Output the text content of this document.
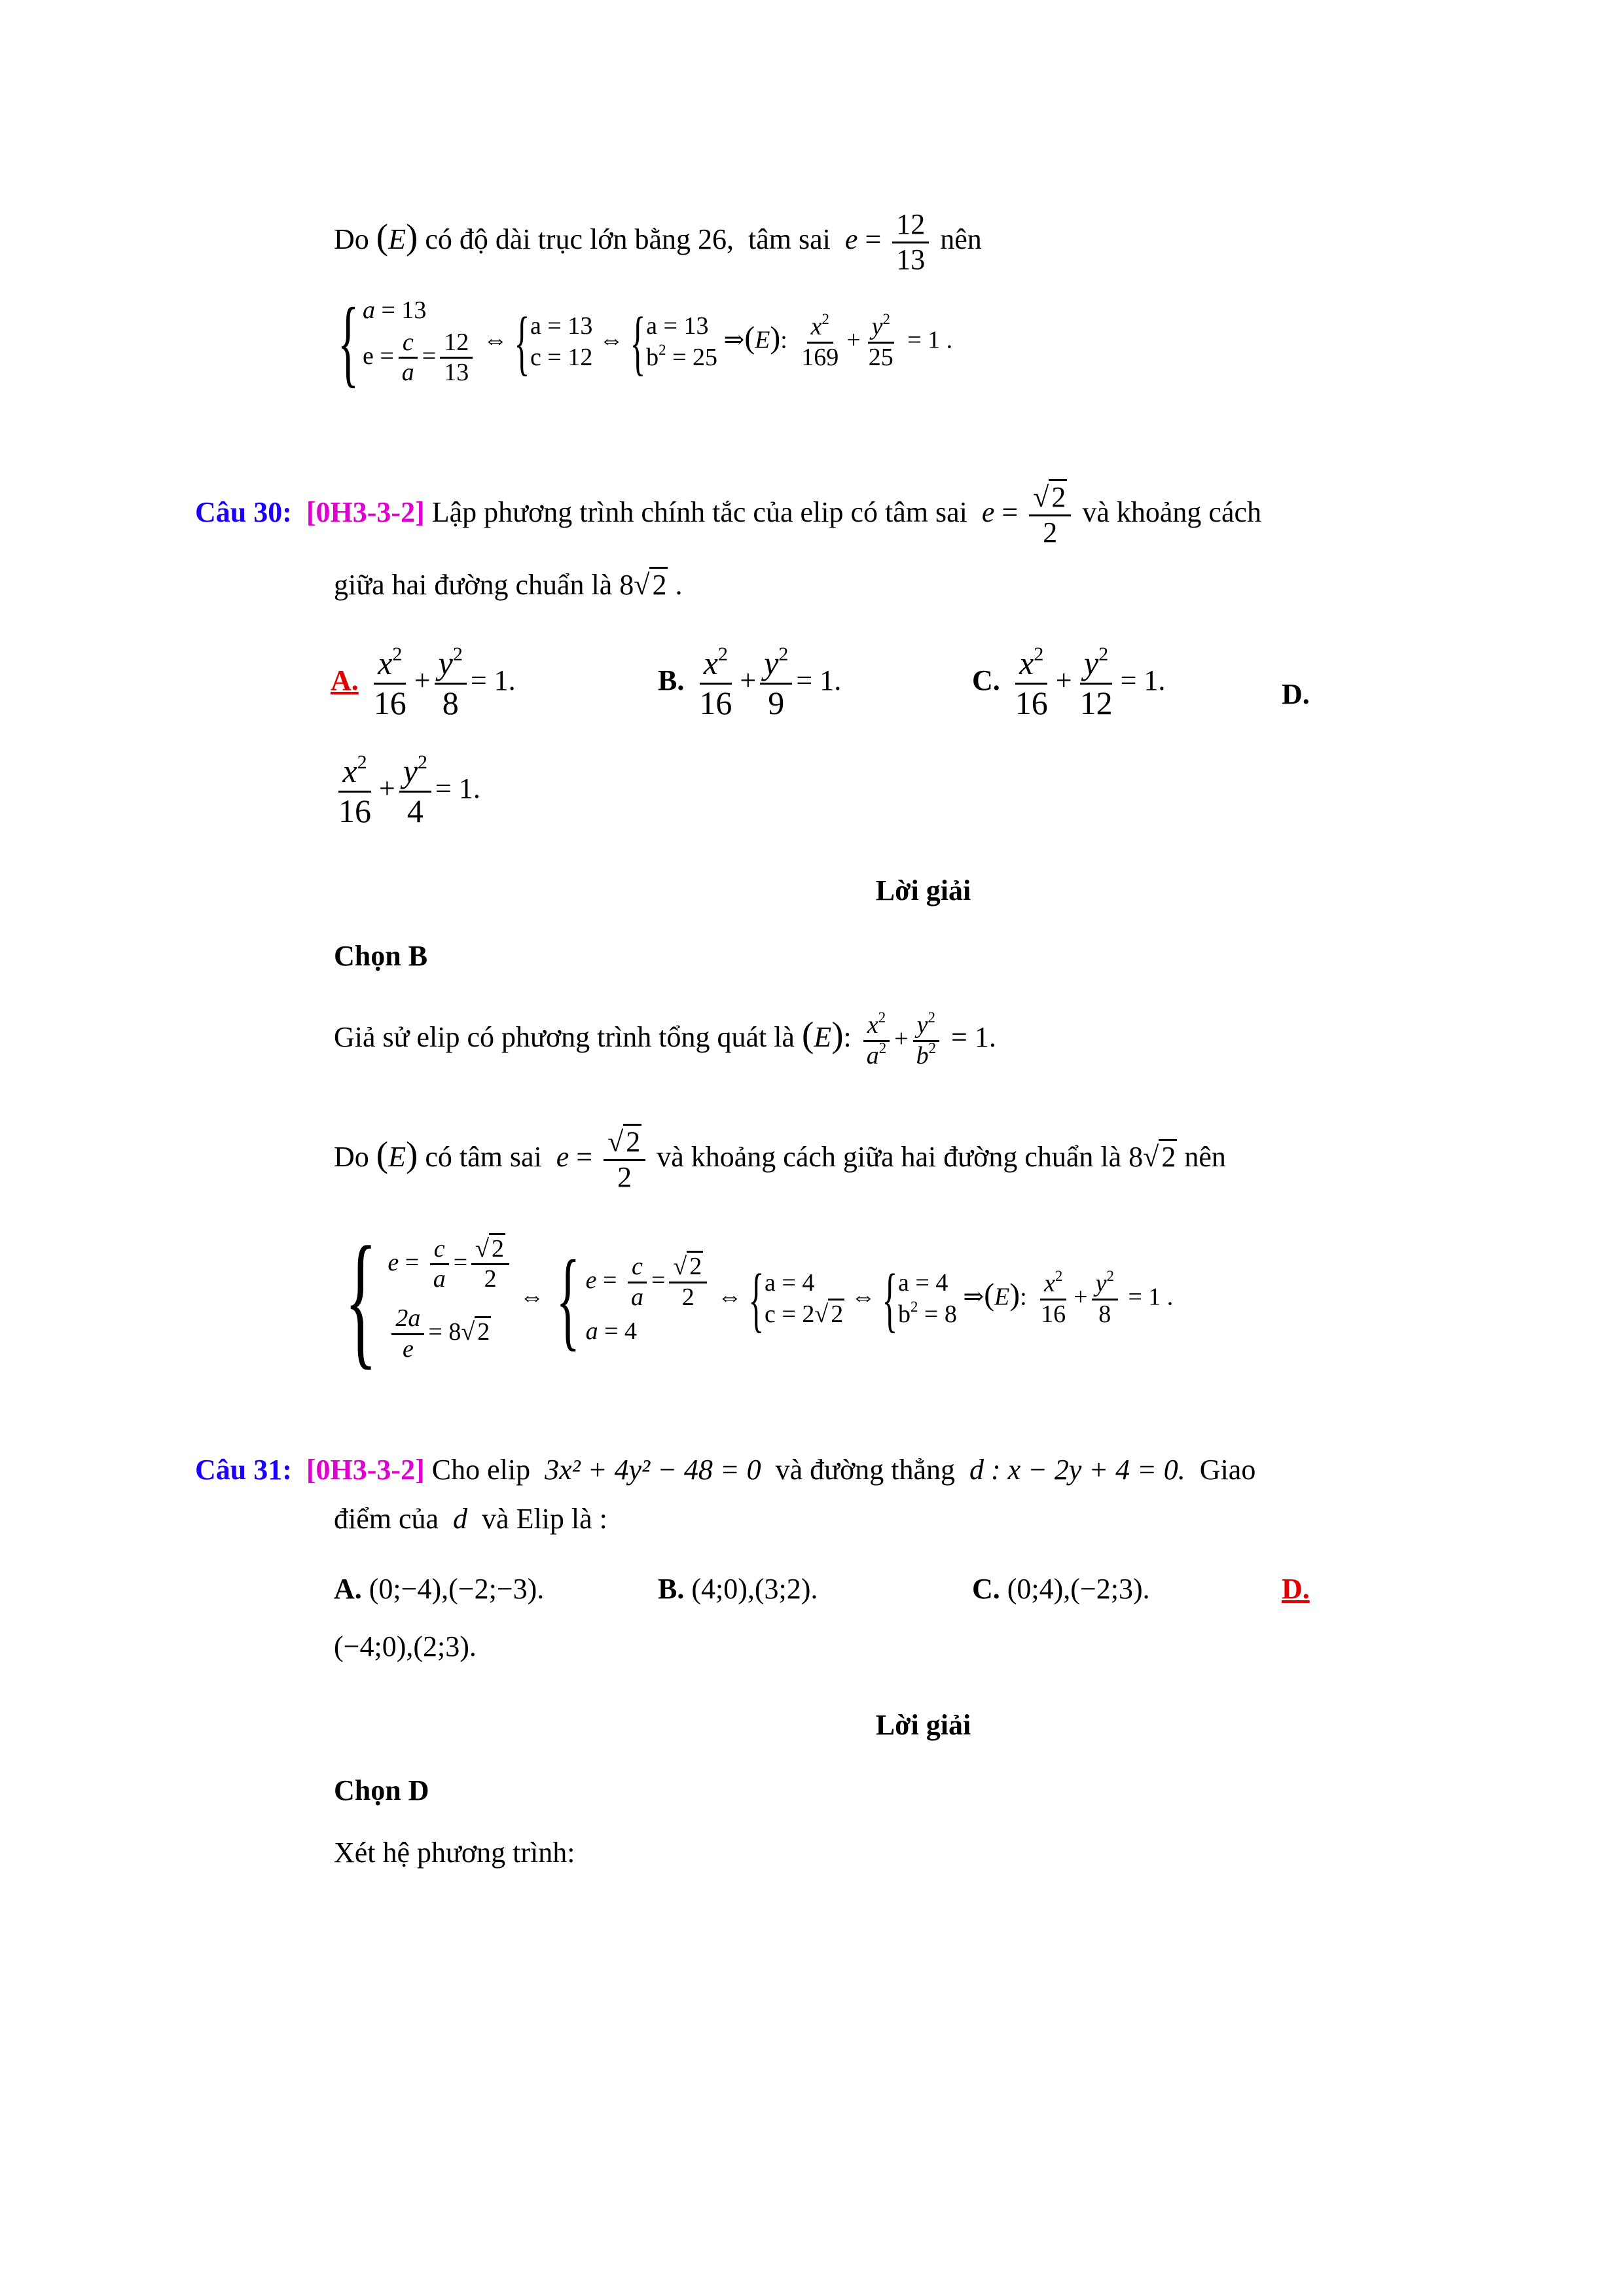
Do (E) có độ dài trục lớn bằng 26, tâm sai $e = \frac{12}{13}$ nên
{ a = 13
$e = \frac{c}{a} = \frac{12}{13}$ ⇔ { a = 13
c = 12
⇔ { a = 13
$b^2 = 25$
⇒(E): $\frac{x^2}{169} + \frac{y^2}{25} = 1$ .
Câu 30: [0H3-3-2] Lập phương trình chính tắc của elip có tâm sai $e = \frac{√2}{2}$ và khoảng cách
giữa hai đường chuẩn là 8√2 .
A. $\frac{x^2}{16} + \frac{y^2}{8} = 1$.	B. $\frac{x^2}{16} + \frac{y^2}{9} = 1$.	C. $\frac{x^2}{16} + \frac{y^2}{12} = 1$.	D.
$\frac{x^2}{16} + \frac{y^2}{4} = 1$.
Lời giải
Chọn B
Giả sử elip có phương trình tổng quát là (E): $\frac{x^2}{a^2} + \frac{y^2}{b^2} = 1$.
Do (E) có tâm sai $e = \frac{√2}{2}$ và khoảng cách giữa hai đường chuẩn là 8√2 nên
{ $e = \frac{c}{a} = \frac{√ 2}{2}$
$\frac{2a}{e} = 8√$ 2
⇔ { $e = \frac{c}{a} = \frac{√ 2}{2}$
a = 4
⇔ { a = 4
c = 2√ 2
⇔ { a = 4
$b^2 = 8$
⇒(E): $\frac{x^2}{16} + \frac{y^2}{8} = 1$ .
Câu 31: [0H3-3-2] Cho elip 3x² + 4y² − 48 = 0 và đường thẳng d : x − 2y + 4 = 0. Giao
điểm của d và Elip là :
A. (0;−4),(−2;−3).	B. (4;0),(3;2).	C. (0;4),(−2;3).	D.
(−4;0),(2;3).
Lời giải
Chọn D
Xét hệ phương trình:
